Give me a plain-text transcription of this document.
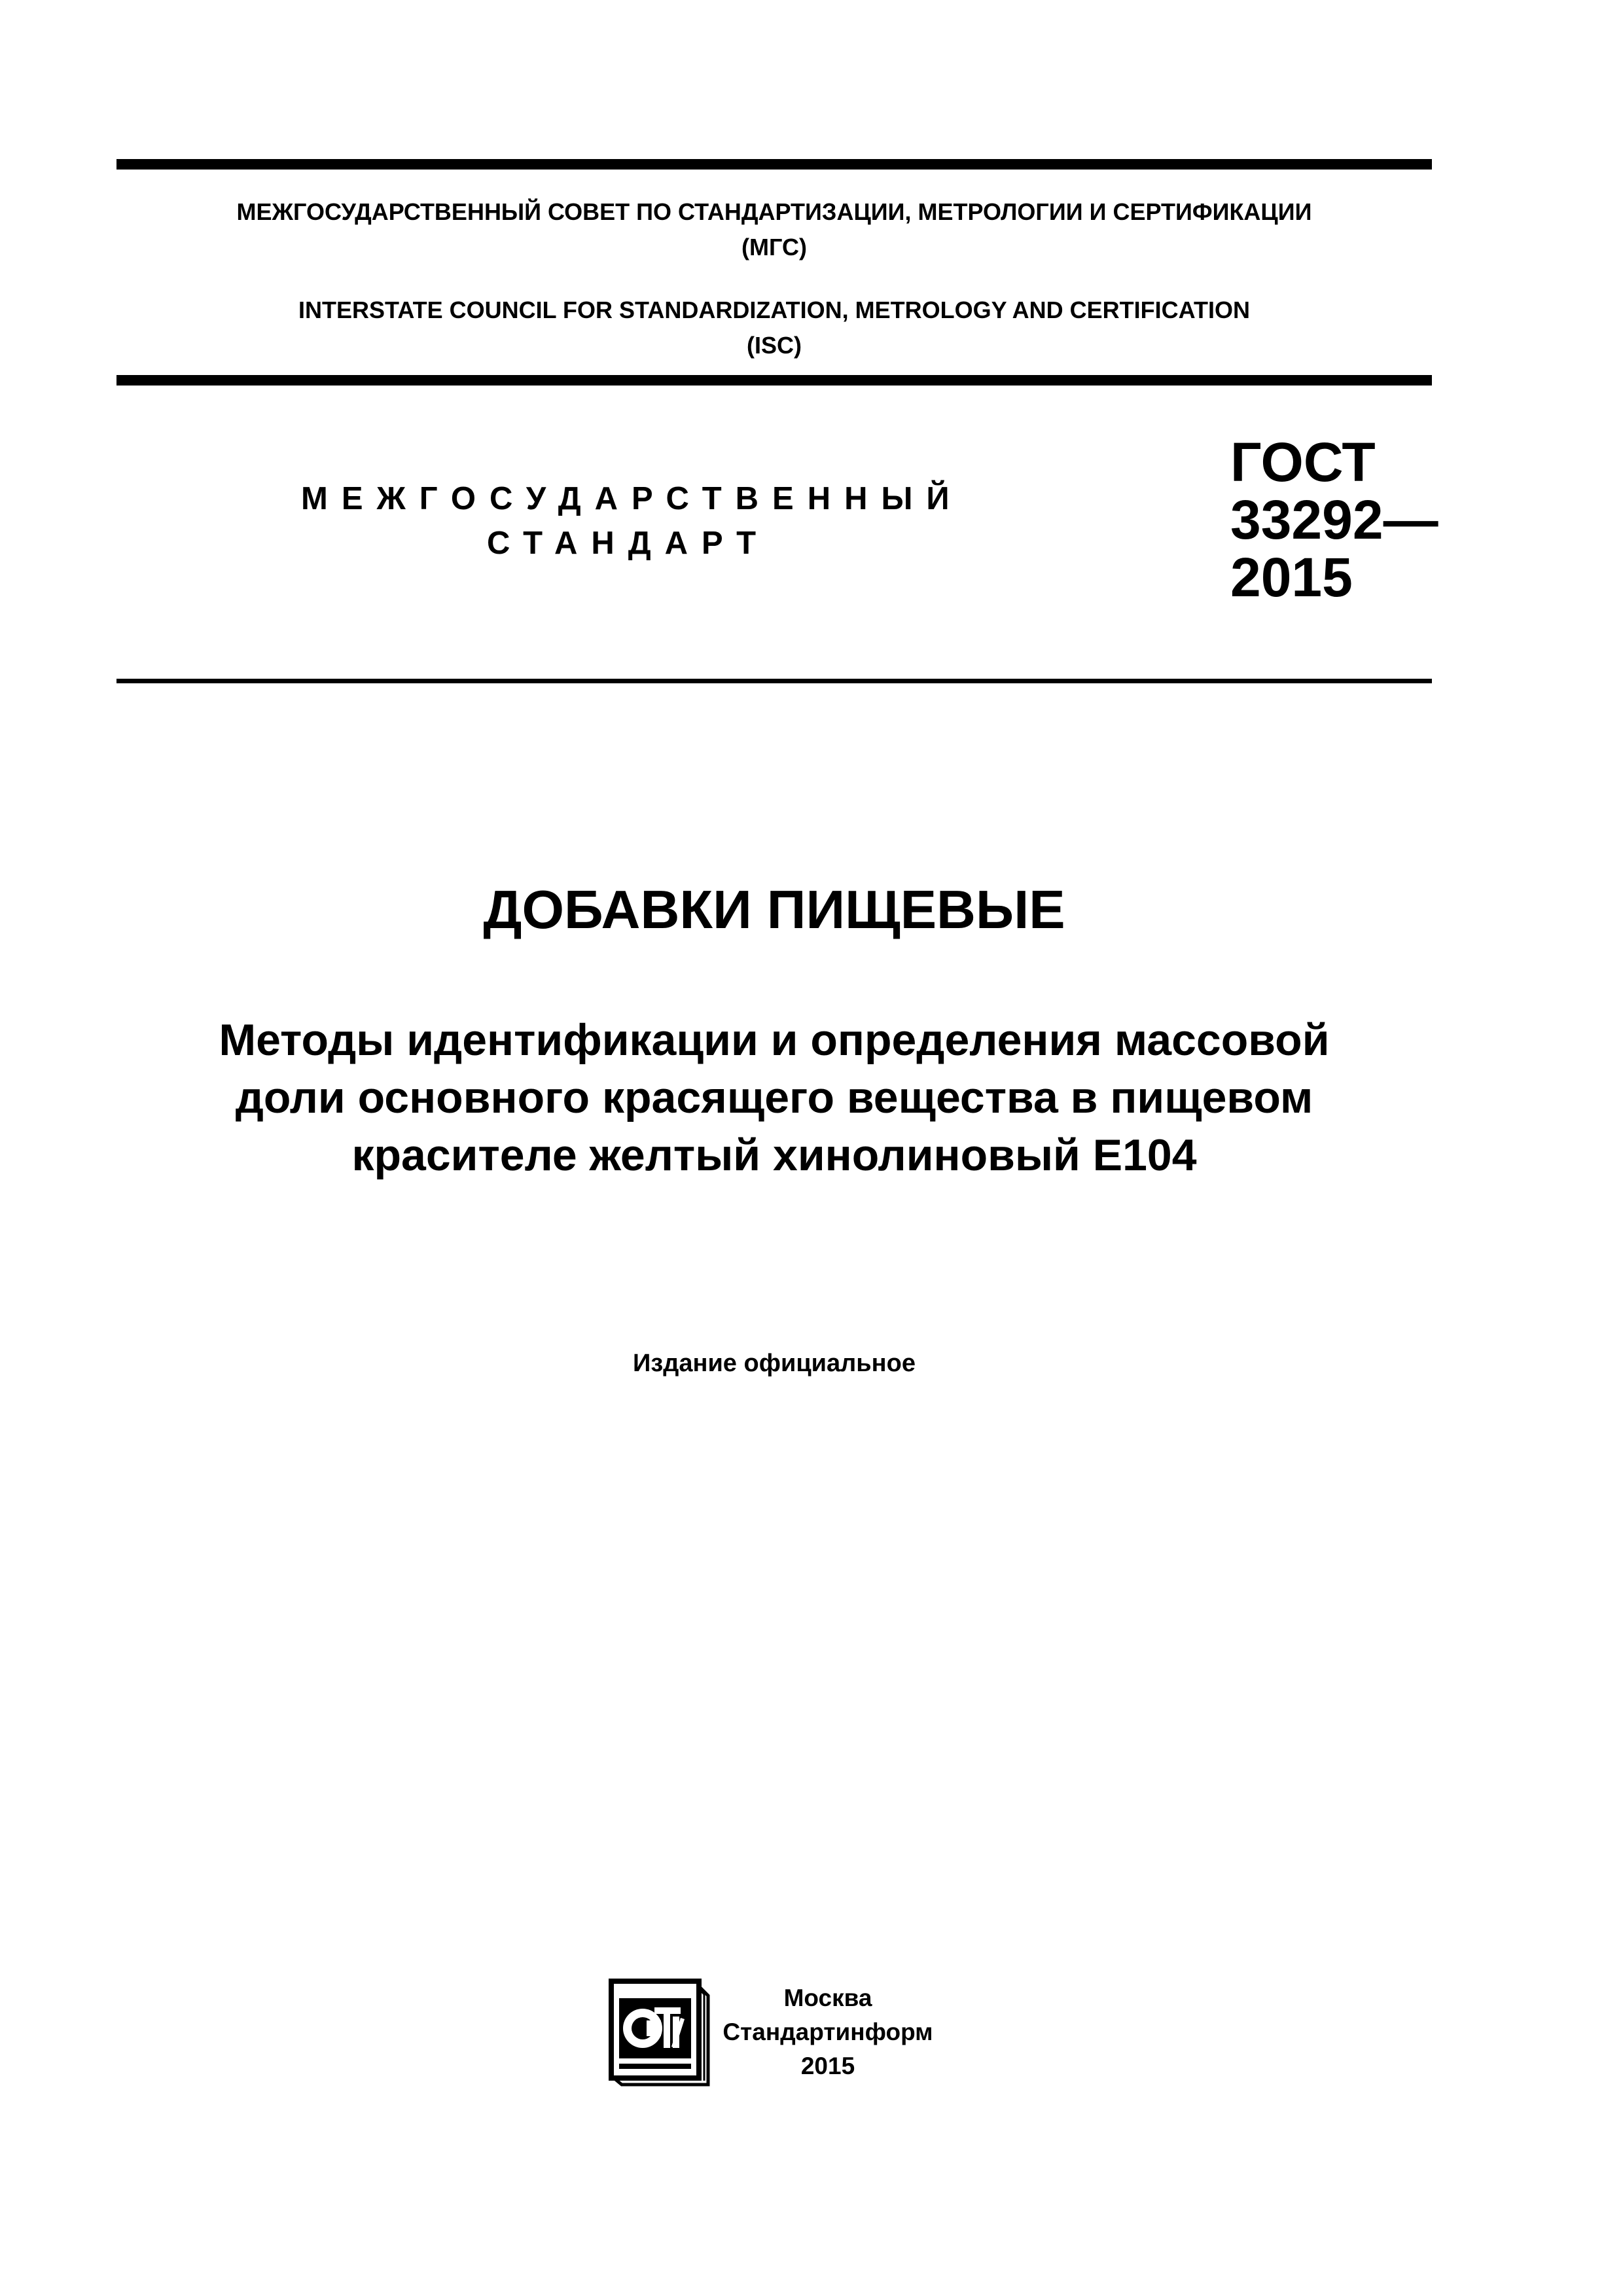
МЕЖГОСУДАРСТВЕННЫЙ СОВЕТ ПО СТАНДАРТИЗАЦИИ, МЕТРОЛОГИИ И СЕРТИФИКАЦИИ
(МГС)
INTERSTATE COUNCIL FOR STANDARDIZATION, METROLOGY AND CERTIFICATION
(ISC)
МЕЖГОСУДАРСТВЕННЫЙ
СТАНДАРТ
ГОСТ
33292—
2015
ДОБАВКИ ПИЩЕВЫЕ
Методы идентификации и определения массовой
доли основного красящего вещества в пищевом
красителе желтый хинолиновый Е104
Издание официальное
Москва
Стандартинформ
2015
